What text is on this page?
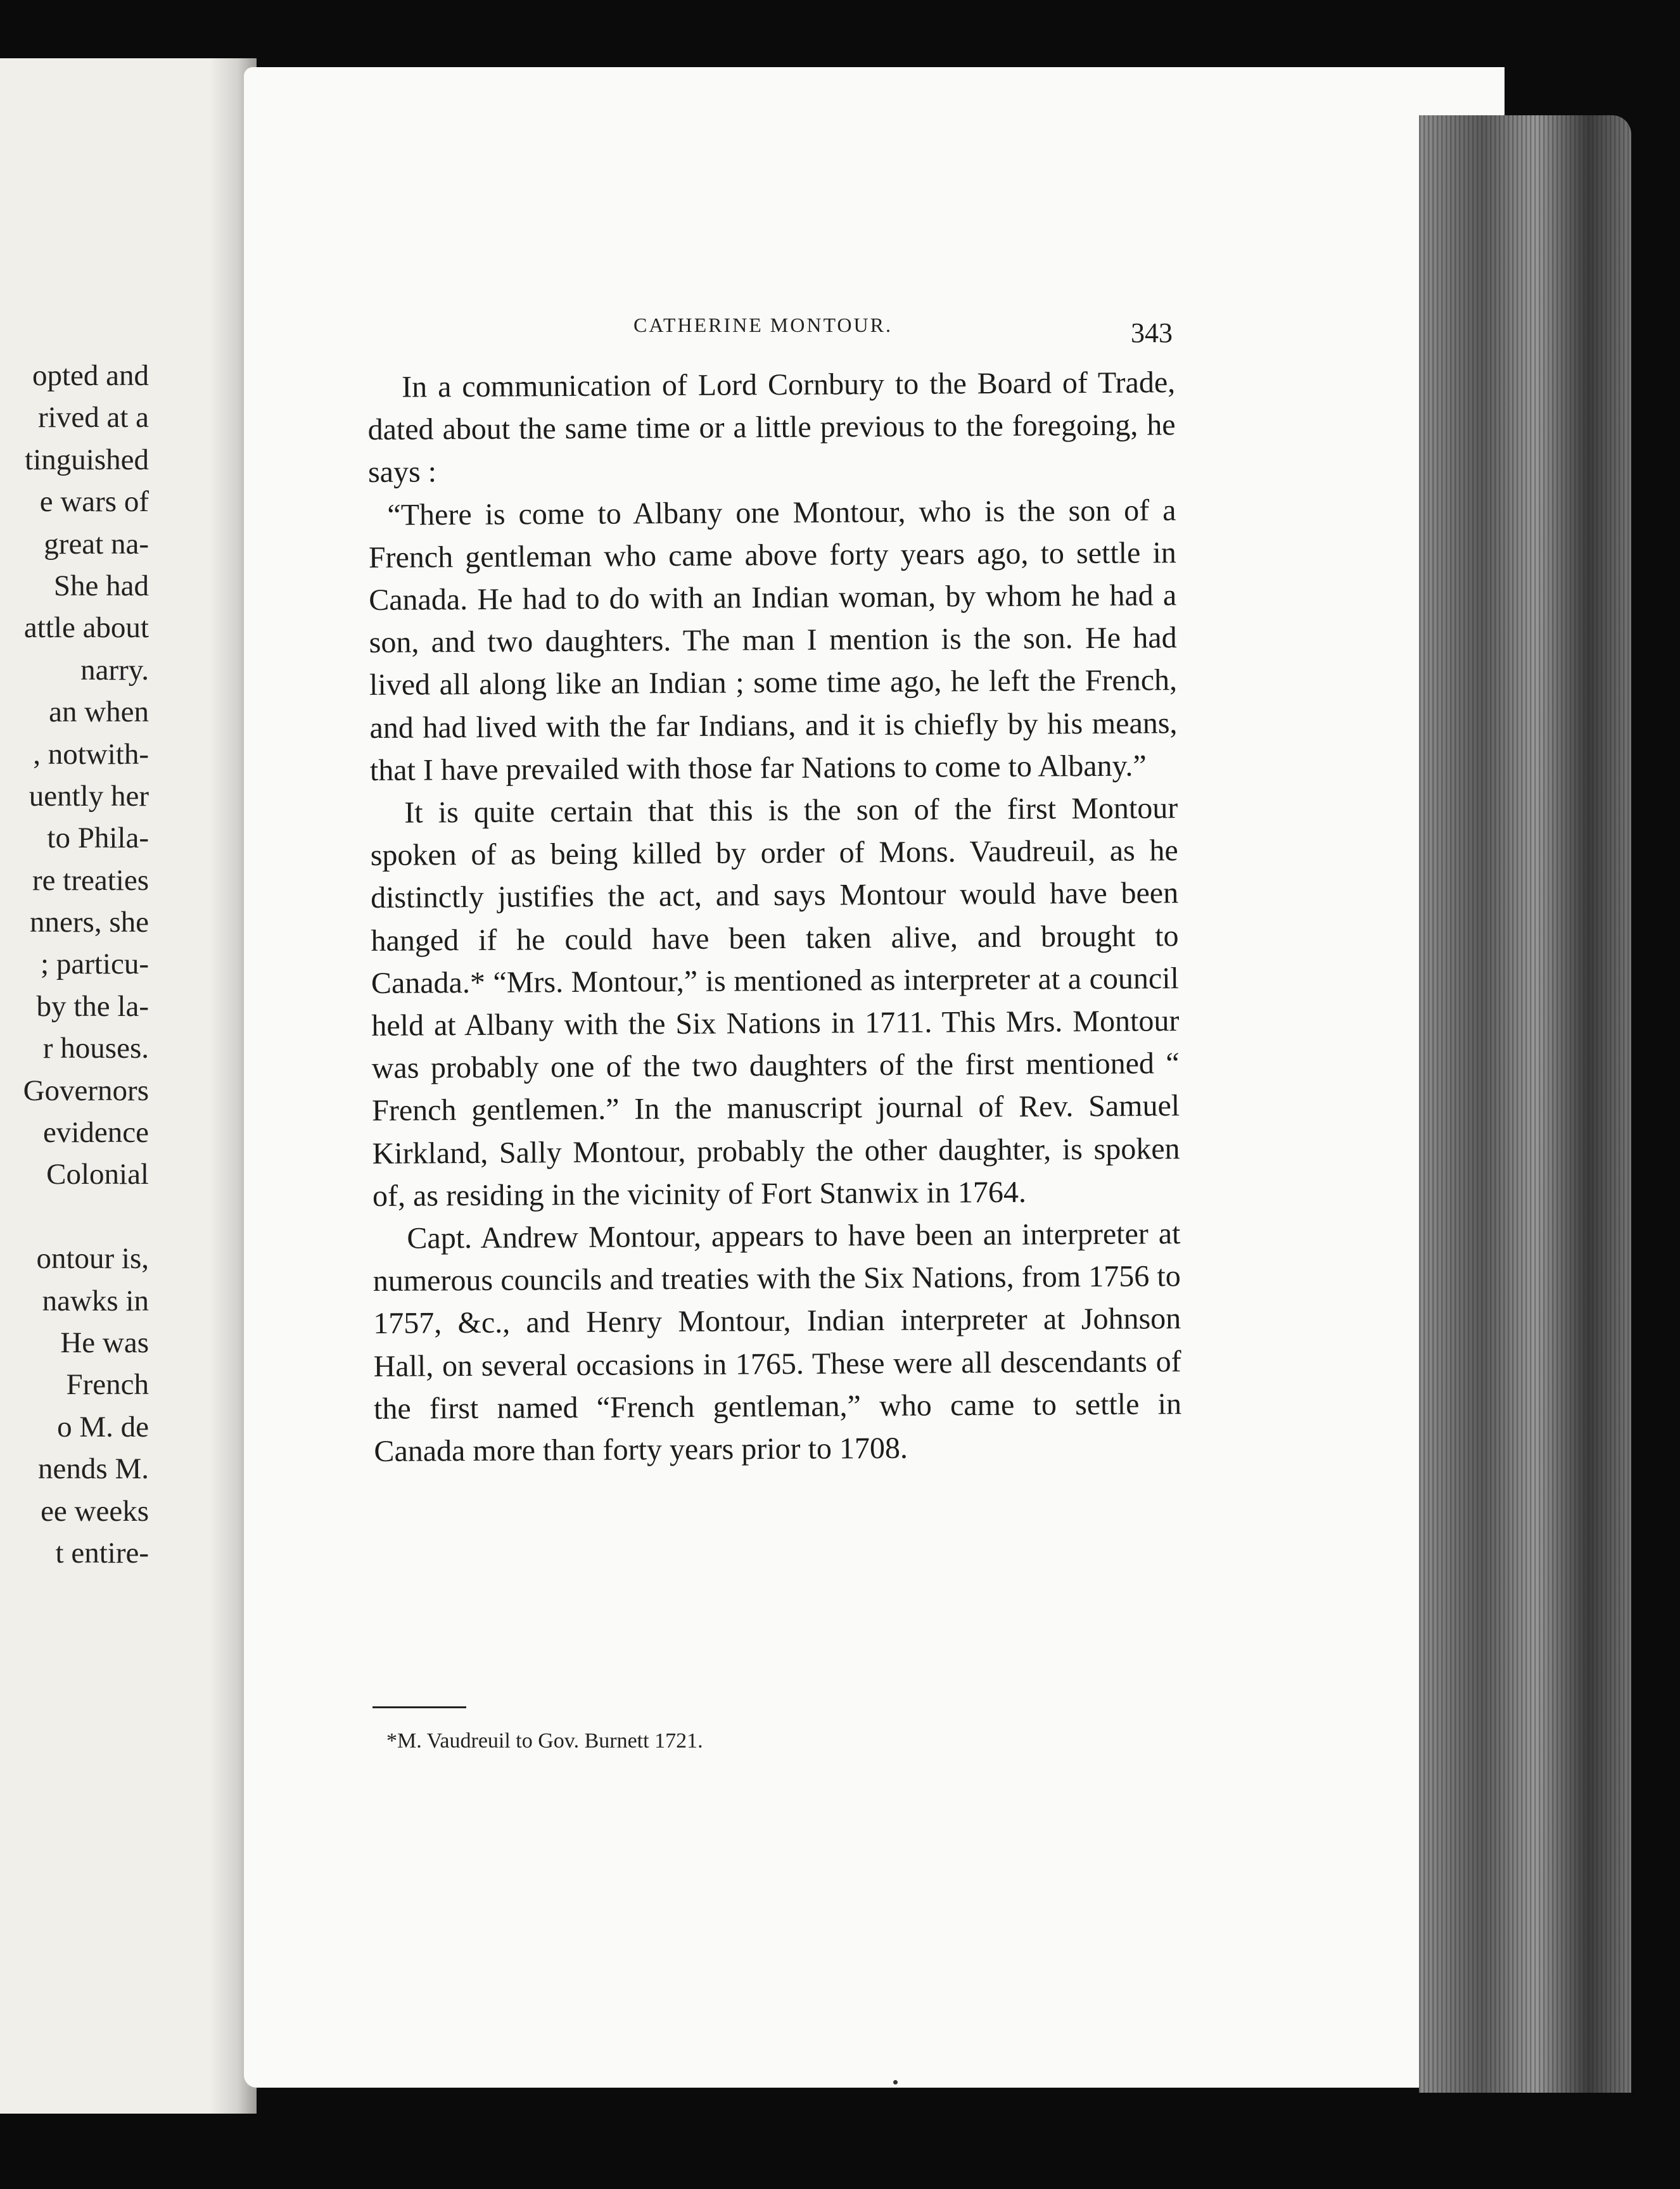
opted and
rived at a
tinguished
e wars of
great na-
She had
attle about
narry.
an when
, notwith-
uently her
to Phila-
re treaties
nners, she
; particu-
by the la-
r houses.
Governors
evidence
Colonial
ontour is,
nawks in
He was
French
o M. de
nends M.
ee weeks
t entire-
CATHERINE MONTOUR.	343

In a communication of Lord Cornbury to the Board of Trade, dated about the same time or a little previous to the foregoing, he says :

“There is come to Albany one Montour, who is the son of a French gentleman who came above forty years ago, to settle in Canada. He had to do with an Indian woman, by whom he had a son, and two daughters. The man I mention is the son. He had lived all along like an Indian ; some time ago, he left the French, and had lived with the far Indians, and it is chiefly by his means, that I have prevailed with those far Nations to come to Albany.”

It is quite certain that this is the son of the first Montour spoken of as being killed by order of Mons. Vaudreuil, as he distinctly justifies the act, and says Montour would have been hanged if he could have been taken alive, and brought to Canada.* “Mrs. Montour,” is mentioned as interpreter at a council held at Albany with the Six Nations in 1711. This Mrs. Montour was probably one of the two daughters of the first mentioned “ French gentlemen.” In the manuscript journal of Rev. Samuel Kirkland, Sally Montour, probably the other daughter, is spoken of, as residing in the vicinity of Fort Stanwix in 1764.

Capt. Andrew Montour, appears to have been an interpreter at numerous councils and treaties with the Six Nations, from 1756 to 1757, &c., and Henry Montour, Indian interpreter at Johnson Hall, on several occasions in 1765. These were all descendants of the first named “French gentleman,” who came to settle in Canada more than forty years prior to 1708.

*M. Vaudreuil to Gov. Burnett 1721.
